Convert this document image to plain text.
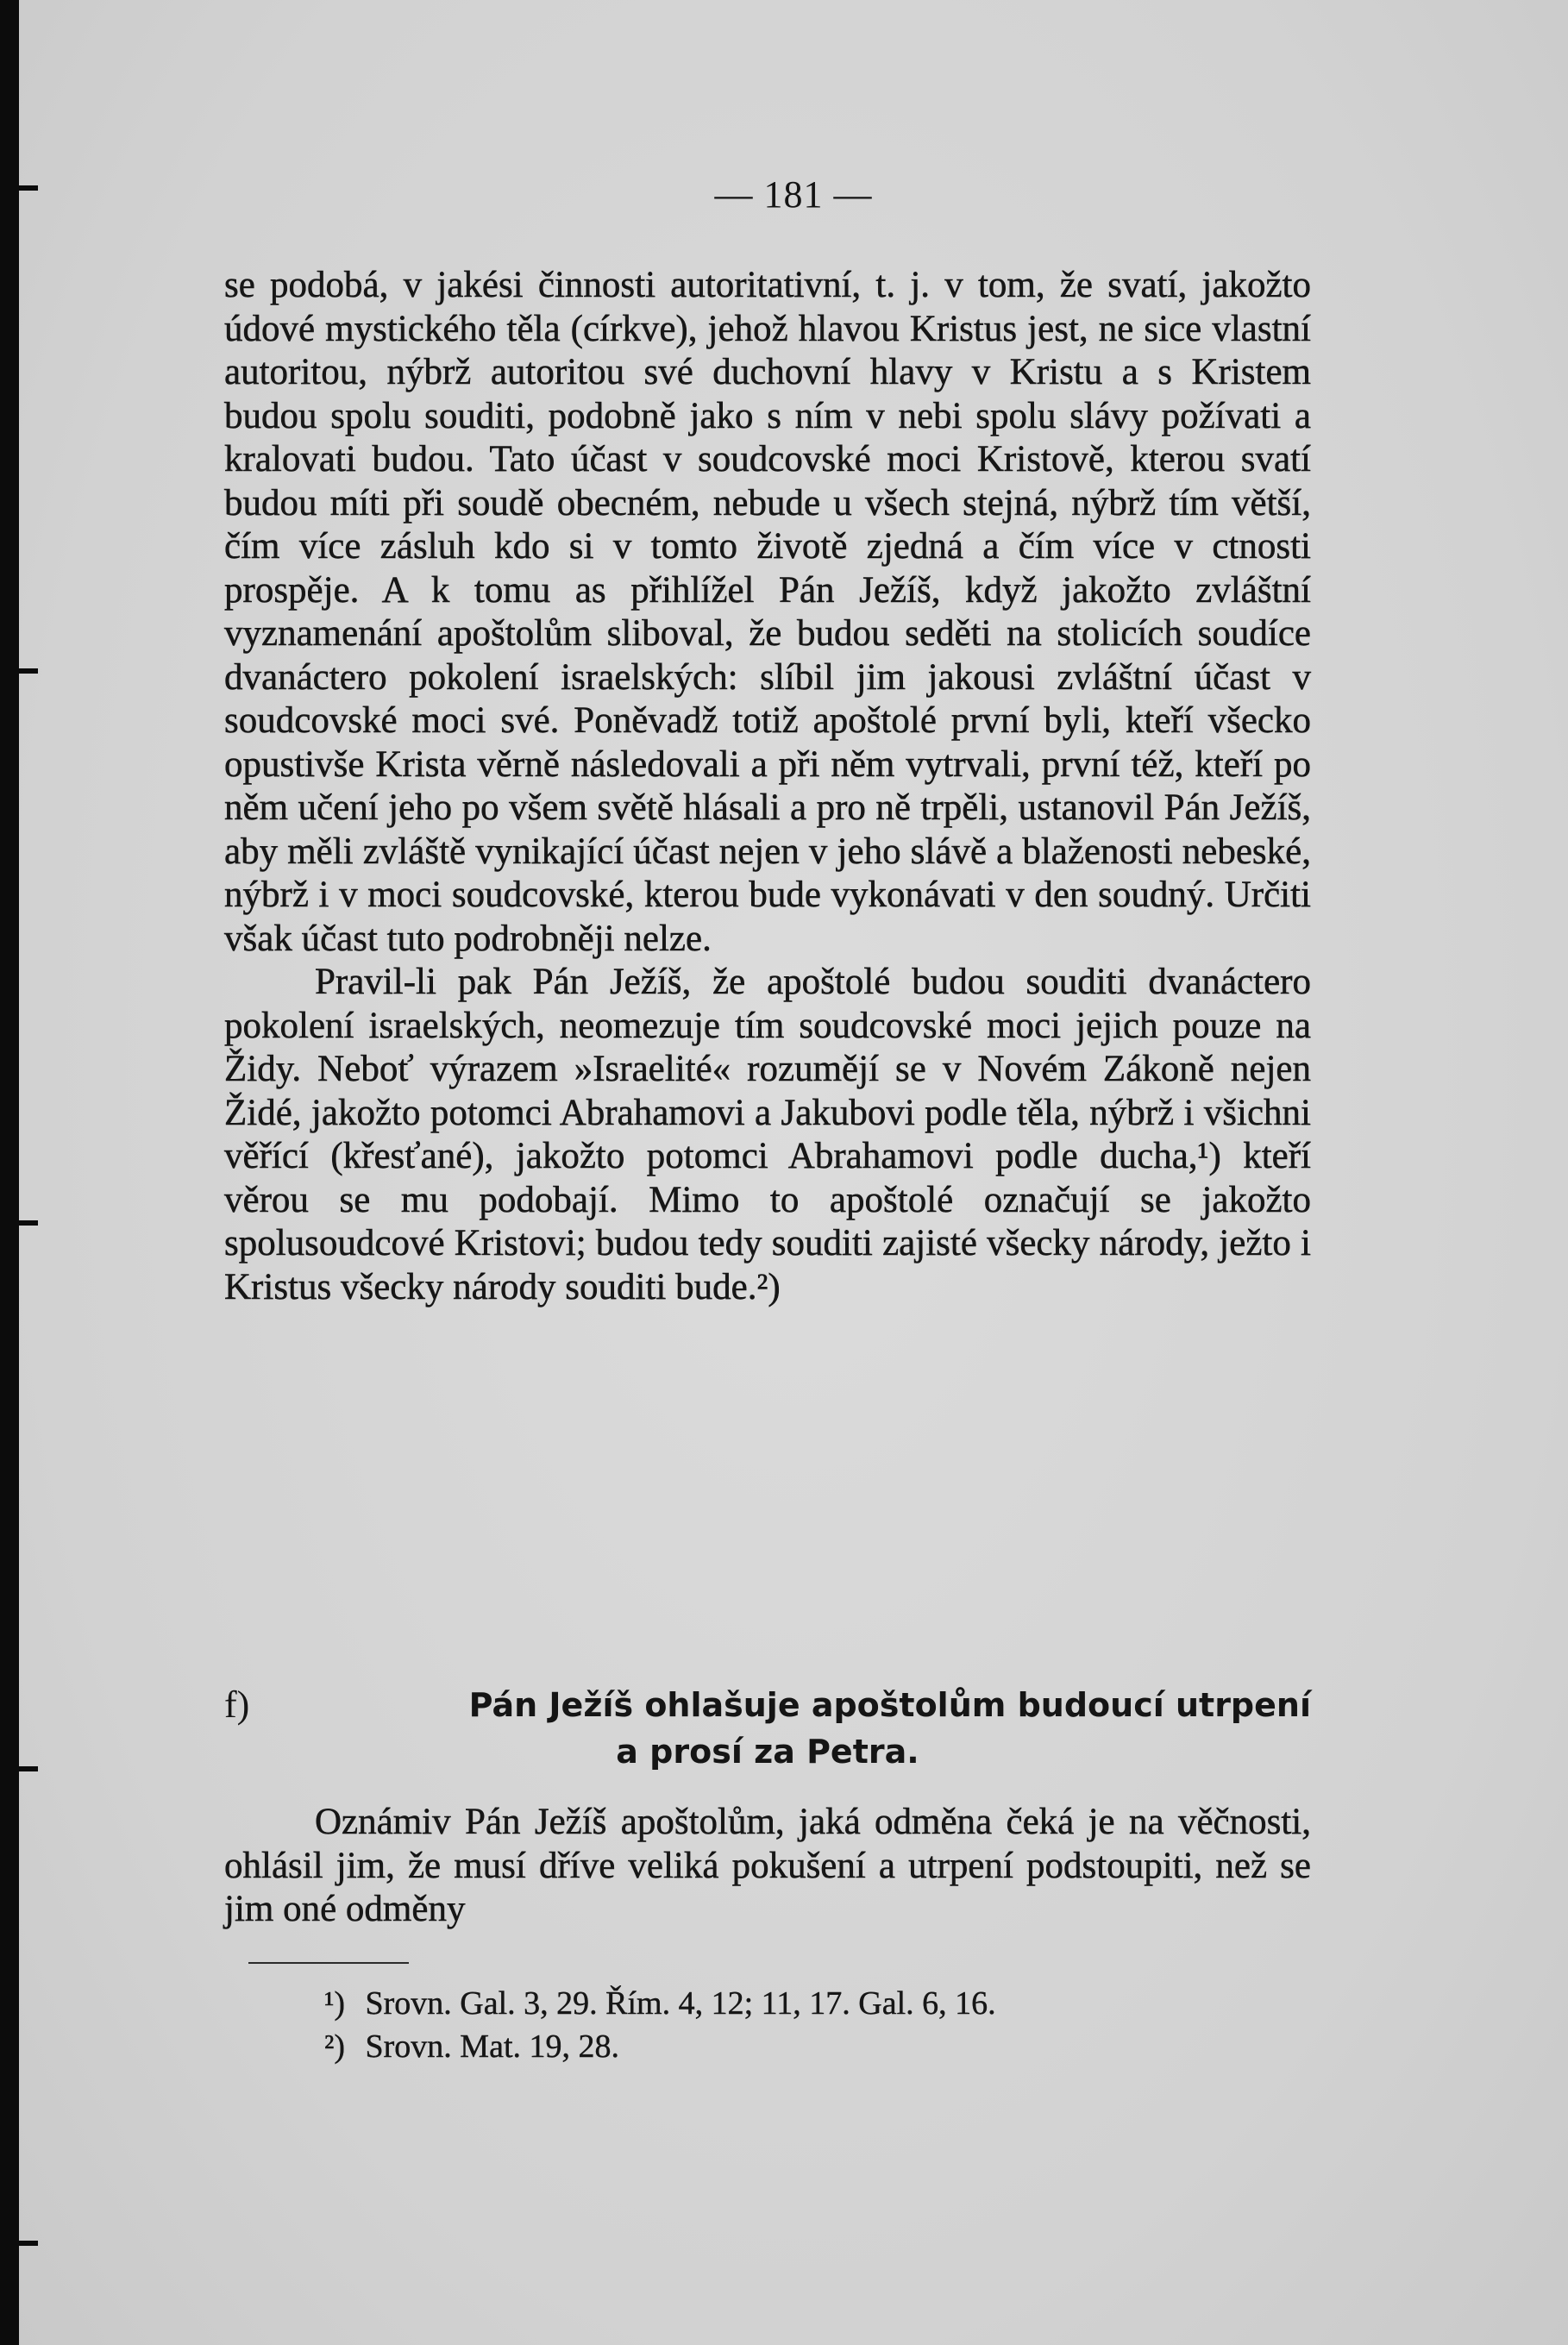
— 181 —

se podobá, v jakési činnosti autoritativní, t. j. v tom, že svatí, jakožto údové mystického těla (církve), jehož hlavou Kristus jest, ne sice vlastní autoritou, nýbrž autoritou své duchovní hlavy v Kristu a s Kristem budou spolu souditi, podobně jako s ním v nebi spolu slávy požívati a kralovati budou. Tato účast v soudcovské moci Kristově, kterou svatí budou míti při soudě obecném, nebude u všech stejná, nýbrž tím větší, čím více zásluh kdo si v tomto životě zjedná a čím více v ctnosti prospěje. A k tomu as přihlížel Pán Ježíš, když jakožto zvláštní vyznamenání apoštolům sliboval, že budou seděti na stolicích soudíce dvanáctero pokolení israelských: slíbil jim jakousi zvláštní účast v soudcovské moci své. Poněvadž totiž apoštolé první byli, kteří všecko opustivše Krista věrně následovali a při něm vytrvali, první též, kteří po něm učení jeho po všem světě hlásali a pro ně trpěli, ustanovil Pán Ježíš, aby měli zvláště vynikající účast nejen v jeho slávě a blaženosti nebeské, nýbrž i v moci soudcovské, kterou bude vykonávati v den soudný. Určiti však účast tuto podrobněji nelze.

Pravil-li pak Pán Ježíš, že apoštolé budou souditi dvanáctero pokolení israelských, neomezuje tím soudcovské moci jejich pouze na Židy. Neboť výrazem »Israelité« rozumějí se v Novém Zákoně nejen Židé, jakožto potomci Abrahamovi a Jakubovi podle těla, nýbrž i všichni věřící (křesťané), jakožto potomci Abrahamovi podle ducha,¹) kteří věrou se mu podobají. Mimo to apoštolé označují se jakožto spolusoudcové Kristovi; budou tedy souditi zajisté všecky národy, ježto i Kristus všecky národy souditi bude.²)

f)	Pán Ježíš ohlašuje apoštolům budoucí utrpení
a prosí za Petra.

Oznámiv Pán Ježíš apoštolům, jaká odměna čeká je na věčnosti, ohlásil jim, že musí dříve veliká pokušení a utrpení podstoupiti, než se jim oné odměny

¹) Srovn. Gal. 3, 29. Řím. 4, 12; 11, 17. Gal. 6, 16.
²) Srovn. Mat. 19, 28.
